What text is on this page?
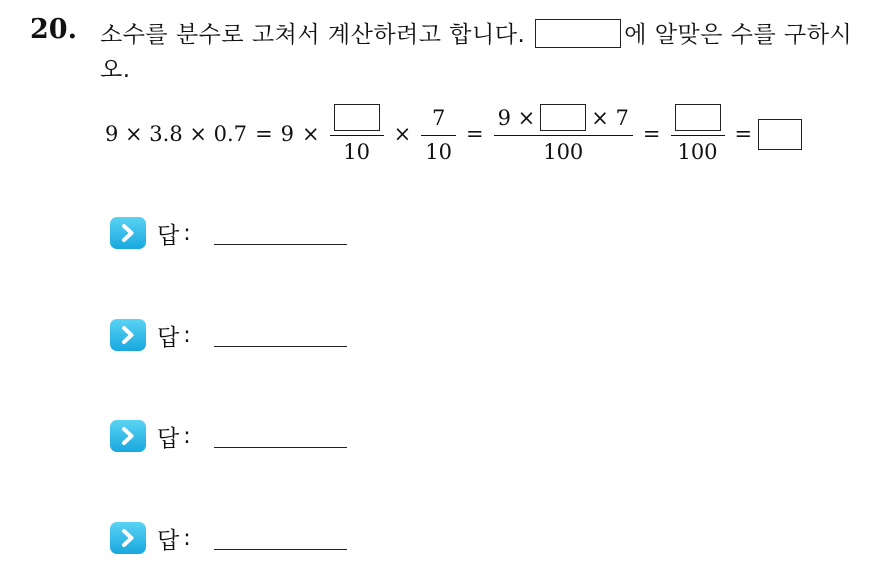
20. 소수를 분수로 고쳐서 계산하려고 합니다.	에 알맞은 수를 구하시오.
9 × 3.8 × 0.7 = 9 ×
10
× $\frac{7}{10} = 9$ ×	× 7
100 =
100
=
답 :
답 :
답 :
답 :
